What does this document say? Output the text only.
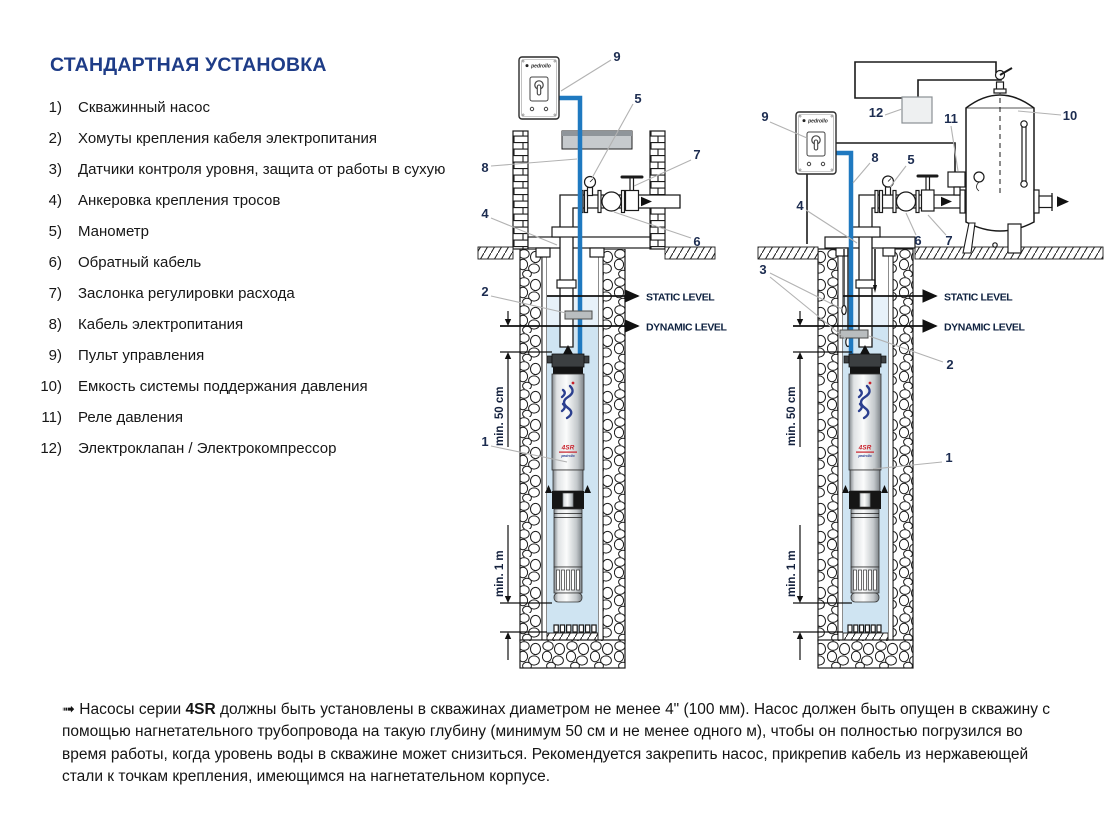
СТАНДАРТНАЯ УСТАНОВКА
1) Скважинный насос
2) Хомуты крепления кабеля электропитания
3) Датчики контроля уровня, защита от работы в сухую
4) Анкеровка крепления тросов
5) Манометр
6) Обратный кабель
7) Заслонка регулировки расхода
8) Кабель электропитания
9) Пульт управления
10) Емкость системы поддержания давления
11) Реле давления
12) Электроклапан / Электрокомпрессор
STATIC LEVEL
DYNAMIC LEVEL
min. 50 cm
min. 1 m
9
5
8
7
4
6
2
1
STATIC LEVEL
DYNAMIC LEVEL
min. 50 cm
min. 1 m
9	12	11	10
8 5
4
3
6 7
2
1

➟ Насосы серии 4SR должны быть установлены в скважинах диаметром не менее 4" (100 мм). Насос должен быть опущен в скважину с помощью нагнетательного трубопровода на такую глубину (минимум 50 см и не менее одного м), чтобы он полностью погрузился во время работы, когда уровень воды в скважине может снизиться. Рекомендуется закрепить насос, прикрепив кабель из нержавеющей стали к точкам крепления, имеющимся на нагнетательном корпусе.
